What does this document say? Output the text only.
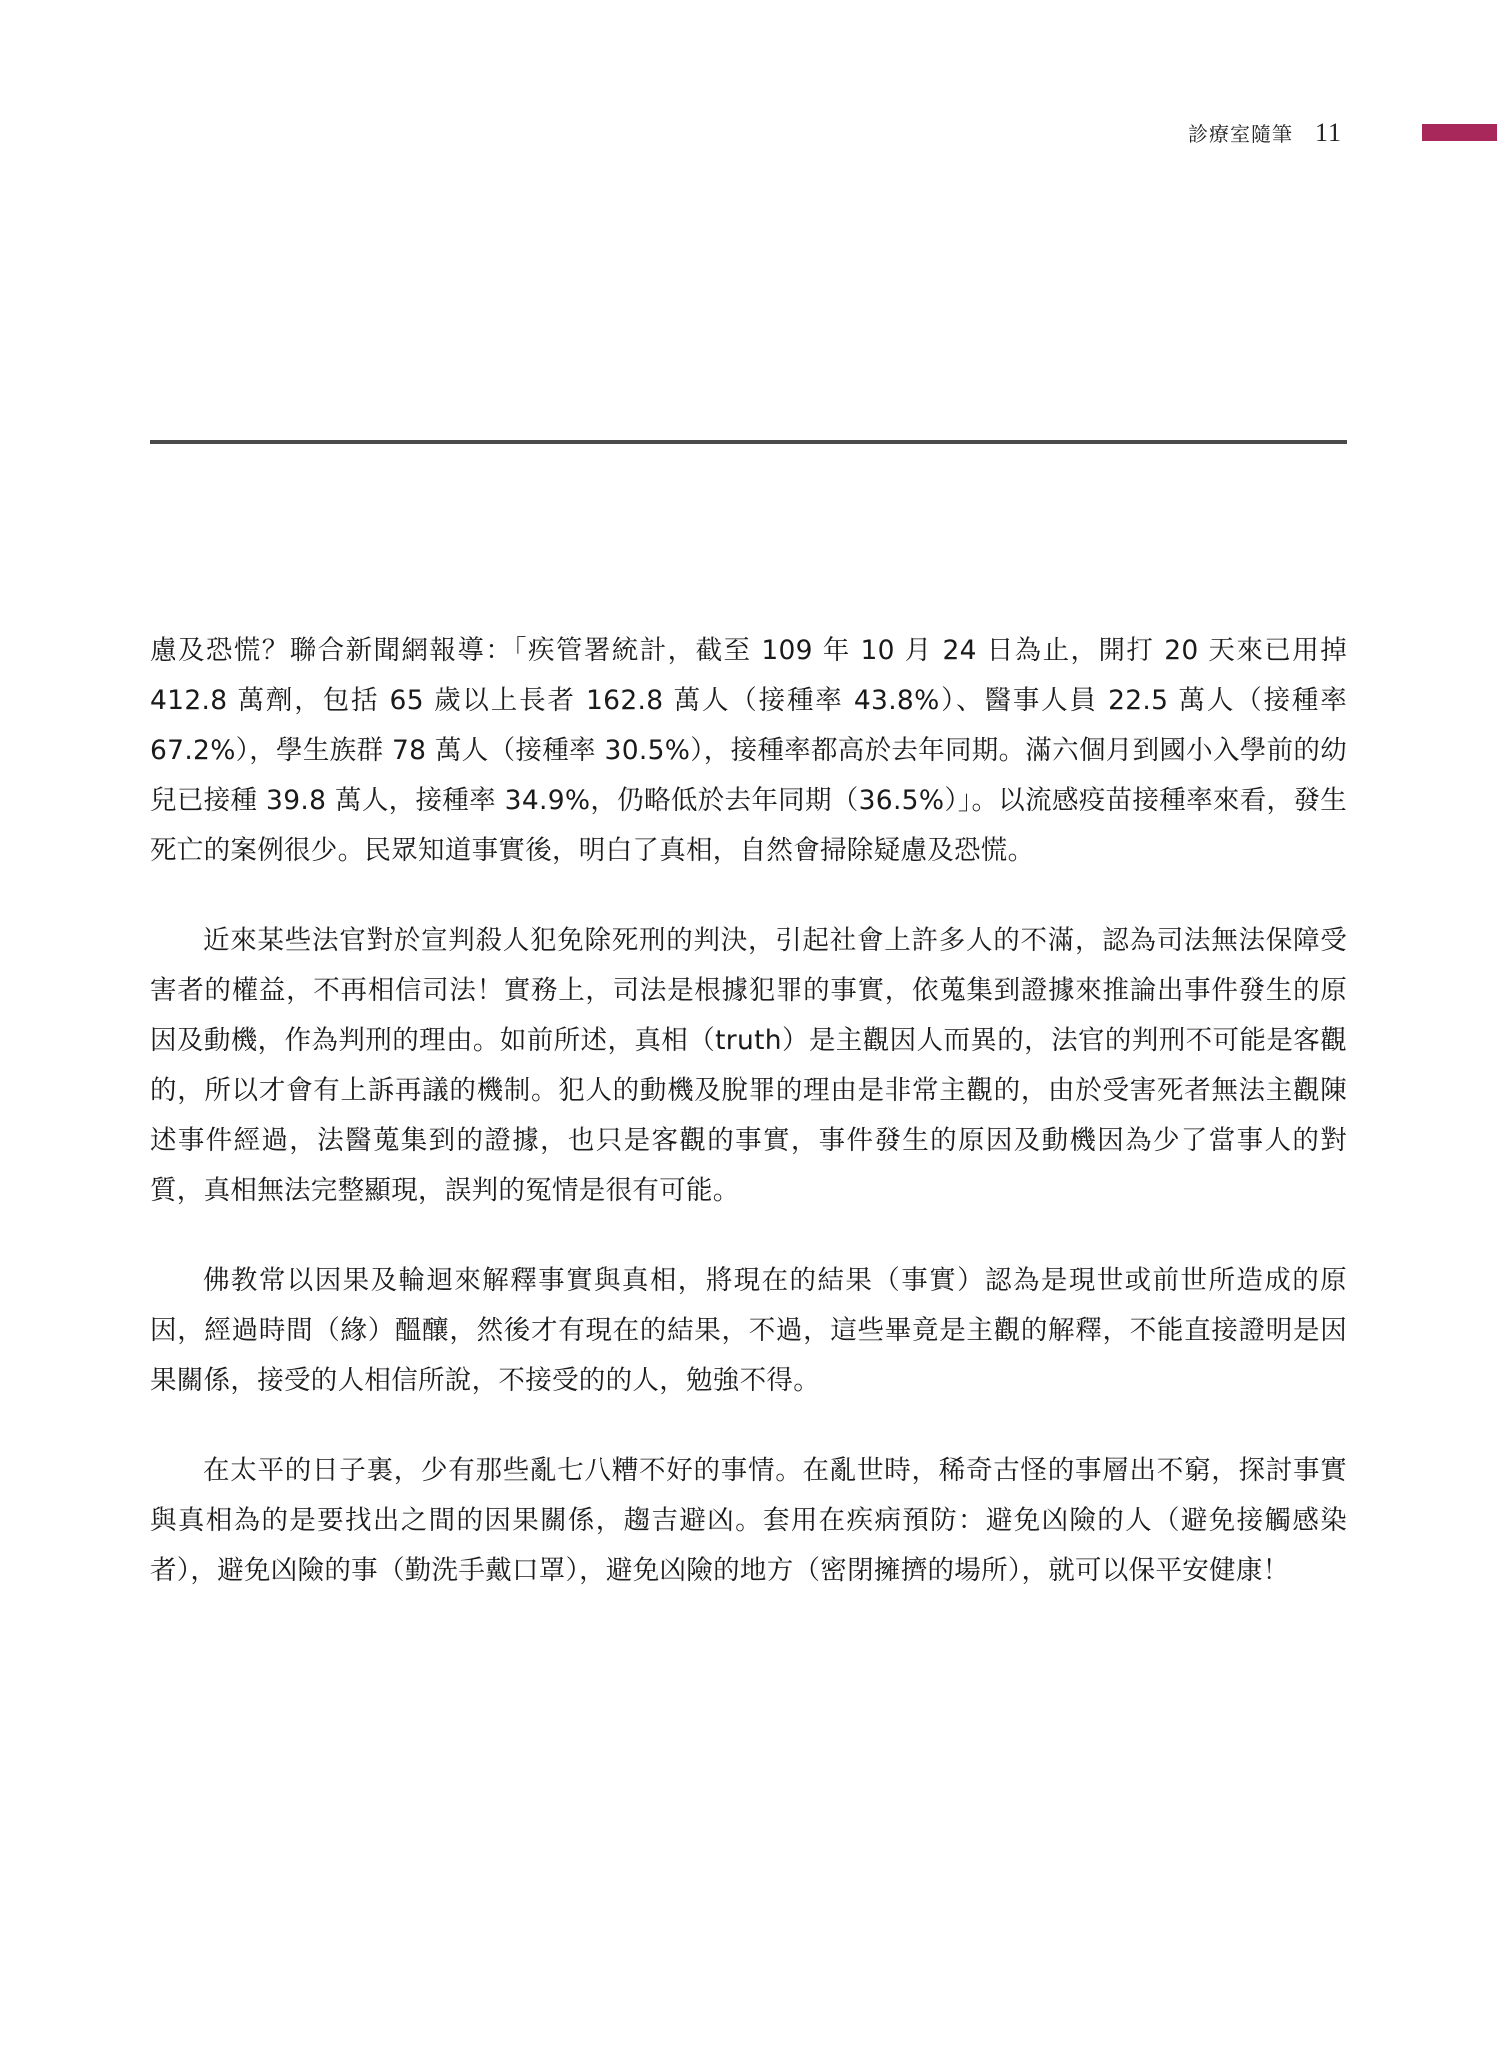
診療室隨筆 11

慮及恐慌？聯合新聞網報導：「疾管署統計，截至 109 年 10 月 24 日為止，開打 20 天來已用掉 412.8 萬劑，包括 65 歲以上長者 162.8 萬人（接種率 43.8%）、醫事人員 22.5 萬人（接種率 67.2%），學生族群 78 萬人（接種率 30.5%），接種率都高於去年同期。滿六個月到國小入學前的幼兒已接種 39.8 萬人，接種率 34.9%，仍略低於去年同期（36.5%）」。以流感疫苗接種率來看，發生死亡的案例很少。民眾知道事實後，明白了真相，自然會掃除疑慮及恐慌。

近來某些法官對於宣判殺人犯免除死刑的判決，引起社會上許多人的不滿，認為司法無法保障受害者的權益，不再相信司法！實務上，司法是根據犯罪的事實，依蒐集到證據來推論出事件發生的原因及動機，作為判刑的理由。如前所述，真相（truth）是主觀因人而異的，法官的判刑不可能是客觀的，所以才會有上訴再議的機制。犯人的動機及脫罪的理由是非常主觀的，由於受害死者無法主觀陳述事件經過，法醫蒐集到的證據，也只是客觀的事實，事件發生的原因及動機因為少了當事人的對質，真相無法完整顯現，誤判的冤情是很有可能。

佛教常以因果及輪迴來解釋事實與真相，將現在的結果（事實）認為是現世或前世所造成的原因，經過時間（緣）醞釀，然後才有現在的結果，不過，這些畢竟是主觀的解釋，不能直接證明是因果關係，接受的人相信所說，不接受的的人，勉強不得。

在太平的日子裏，少有那些亂七八糟不好的事情。在亂世時，稀奇古怪的事層出不窮，探討事實與真相為的是要找出之間的因果關係，趨吉避凶。套用在疾病預防：避免凶險的人（避免接觸感染者），避免凶險的事（勤洗手戴口罩），避免凶險的地方（密閉擁擠的場所），就可以保平安健康！
